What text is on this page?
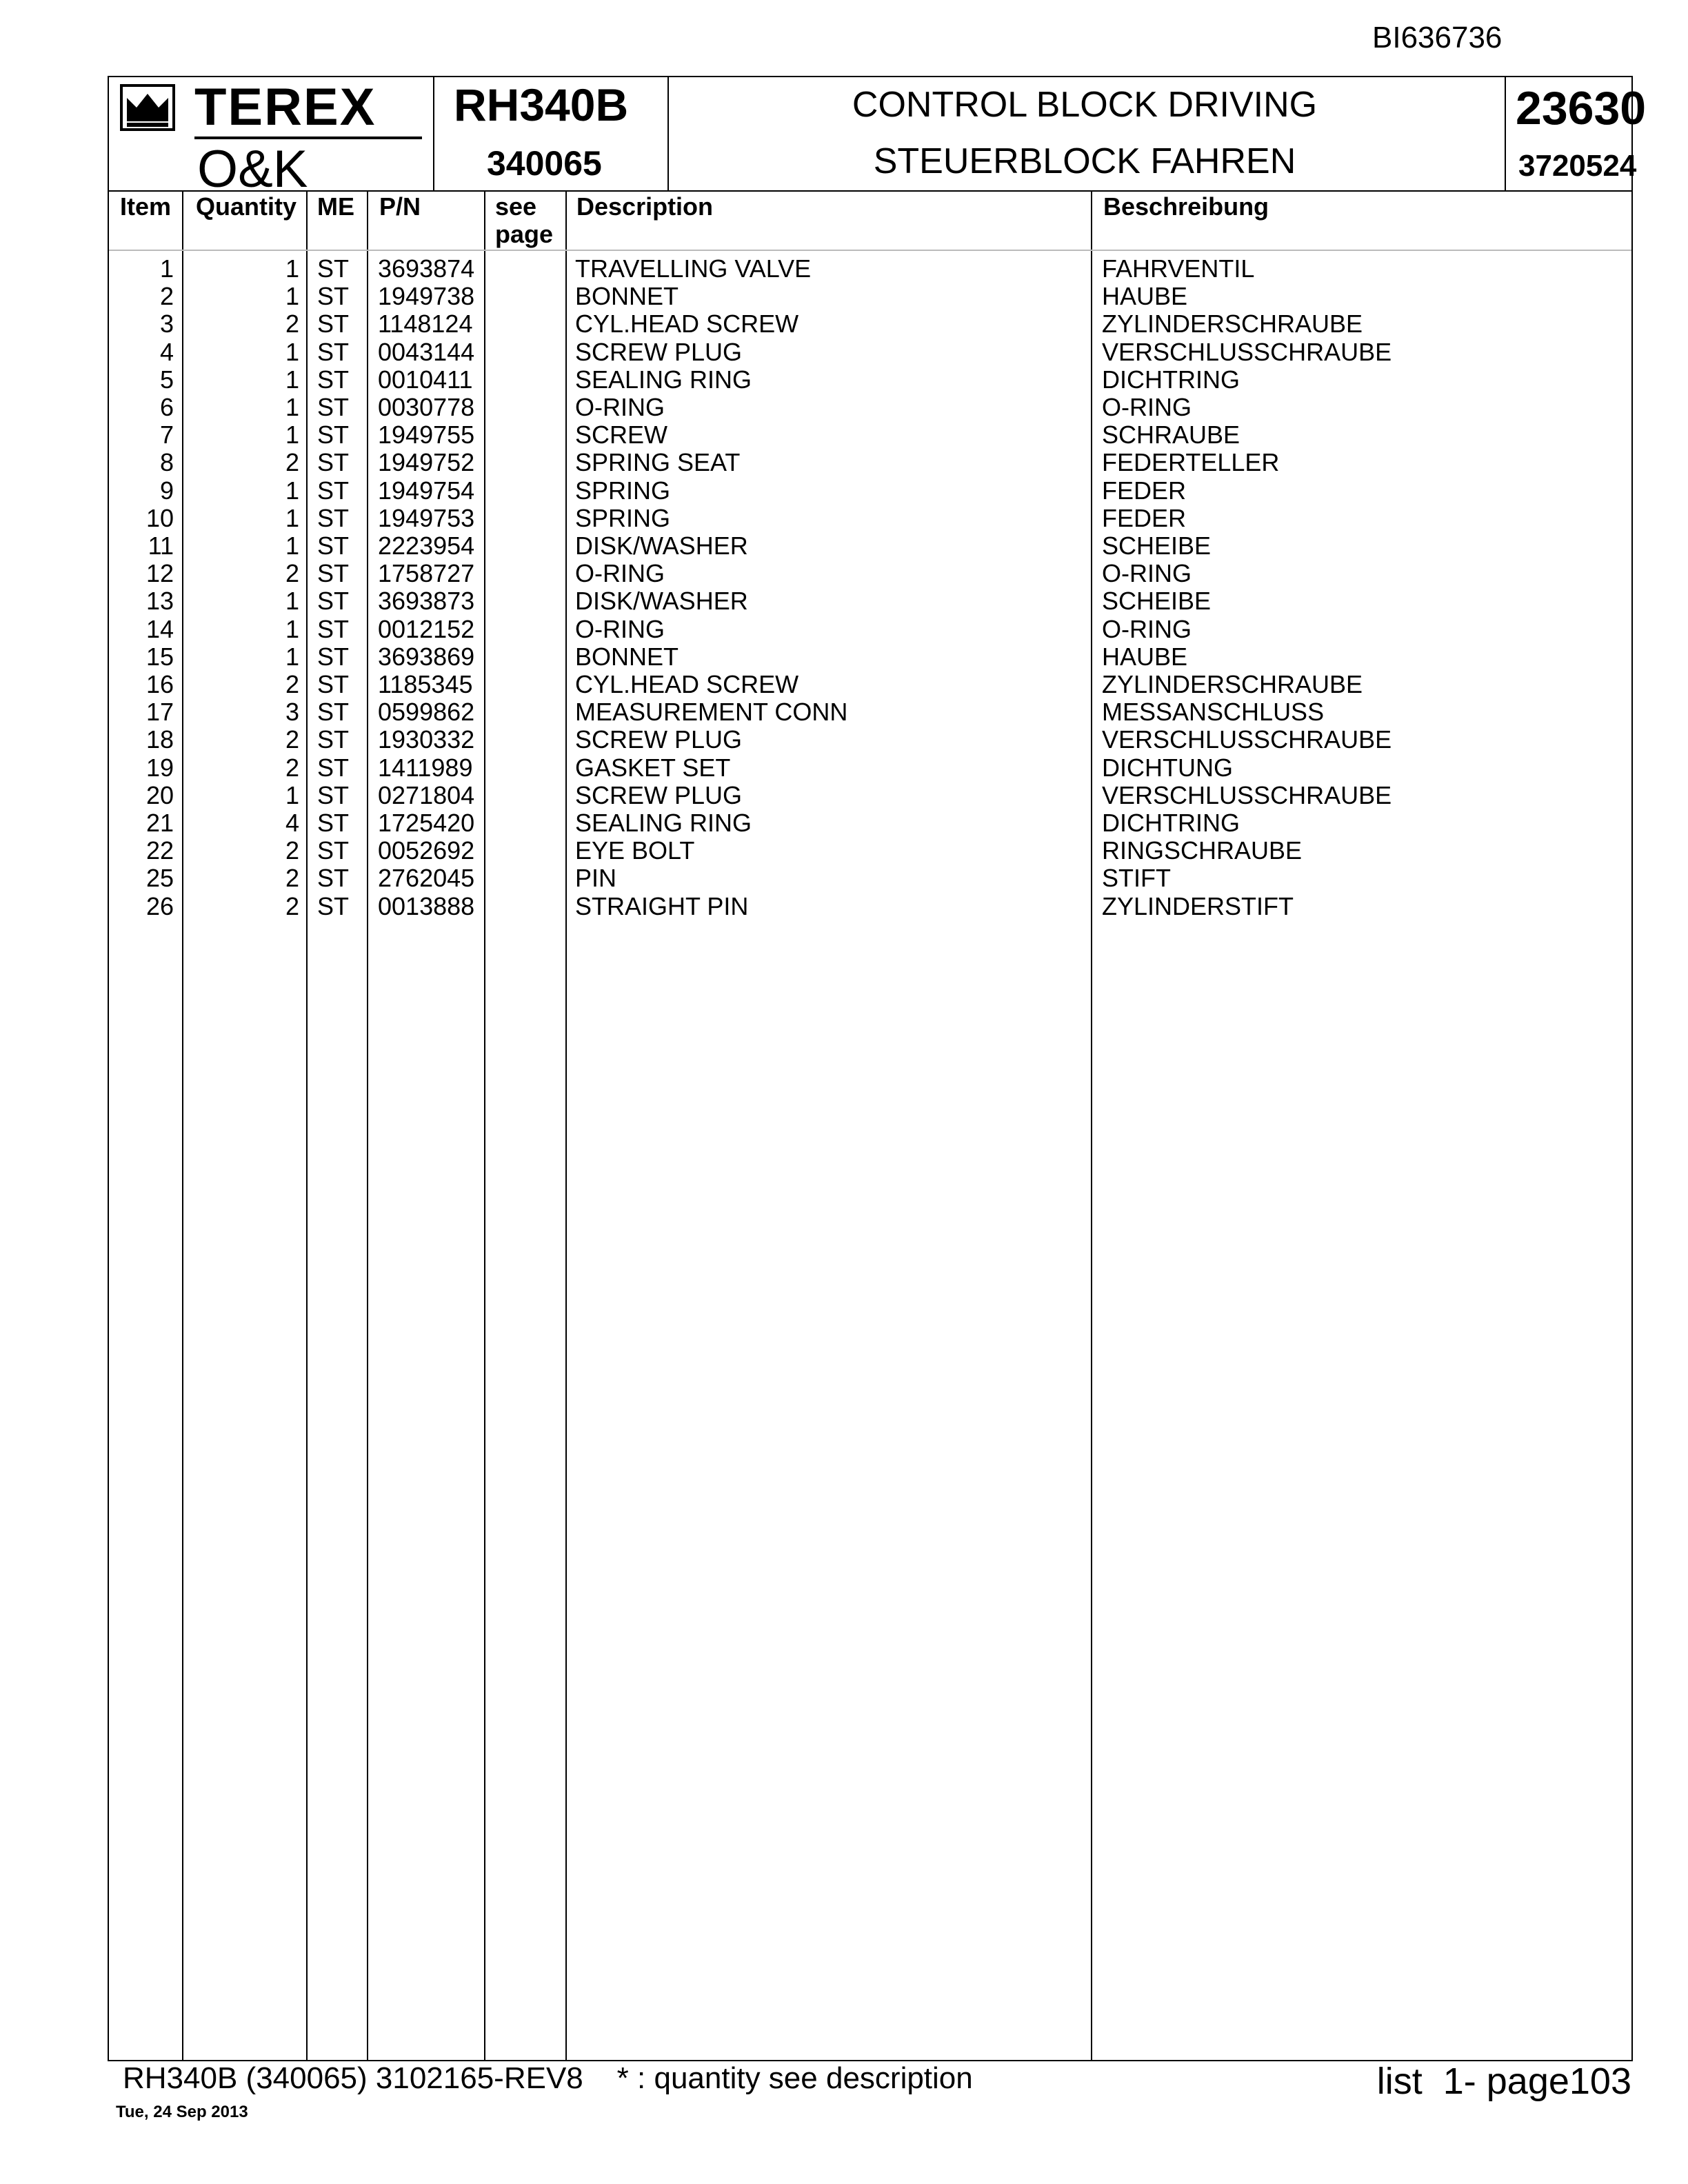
BI636736
TEREX
O&K
RH340B
340065
CONTROL BLOCK DRIVING
STEUERBLOCK FAHREN
23630
3720524
Item Quantity ME P/N	see
page
Description	Beschreibung
1	1 ST 3693874	TRAVELLING VALVE	FAHRVENTIL
2	1 ST 1949738	BONNET	HAUBE
3	2 ST 1148124	CYL.HEAD SCREW	ZYLINDERSCHRAUBE
4	1 ST 0043144	SCREW PLUG	VERSCHLUSSCHRAUBE
5	1 ST 0010411	SEALING RING	DICHTRING
6	1 ST 0030778	O-RING	O-RING
7	1 ST 1949755	SCREW	SCHRAUBE
8	2 ST 1949752	SPRING SEAT	FEDERTELLER
9	1 ST 1949754	SPRING	FEDER
10	1 ST 1949753	SPRING	FEDER
11	1 ST 2223954	DISK/WASHER	SCHEIBE
12	2 ST 1758727	O-RING	O-RING
13	1 ST 3693873	DISK/WASHER	SCHEIBE
14	1 ST 0012152	O-RING	O-RING
15	1 ST 3693869	BONNET	HAUBE
16	2 ST 1185345	CYL.HEAD SCREW	ZYLINDERSCHRAUBE
17	3 ST 0599862	MEASUREMENT CONN	MESSANSCHLUSS
18	2 ST 1930332	SCREW PLUG	VERSCHLUSSCHRAUBE
19	2 ST 1411989	GASKET SET	DICHTUNG
20	1 ST 0271804	SCREW PLUG	VERSCHLUSSCHRAUBE
21	4 ST 1725420	SEALING RING	DICHTRING
22	2 ST 0052692	EYE BOLT	RINGSCHRAUBE
25	2 ST 2762045	PIN	STIFT
26	2 ST 0013888	STRAIGHT PIN	ZYLINDERSTIFT
RH340B (340065) 3102165-REV8    * : quantity see description	list  1- page103
Tue, 24 Sep 2013
